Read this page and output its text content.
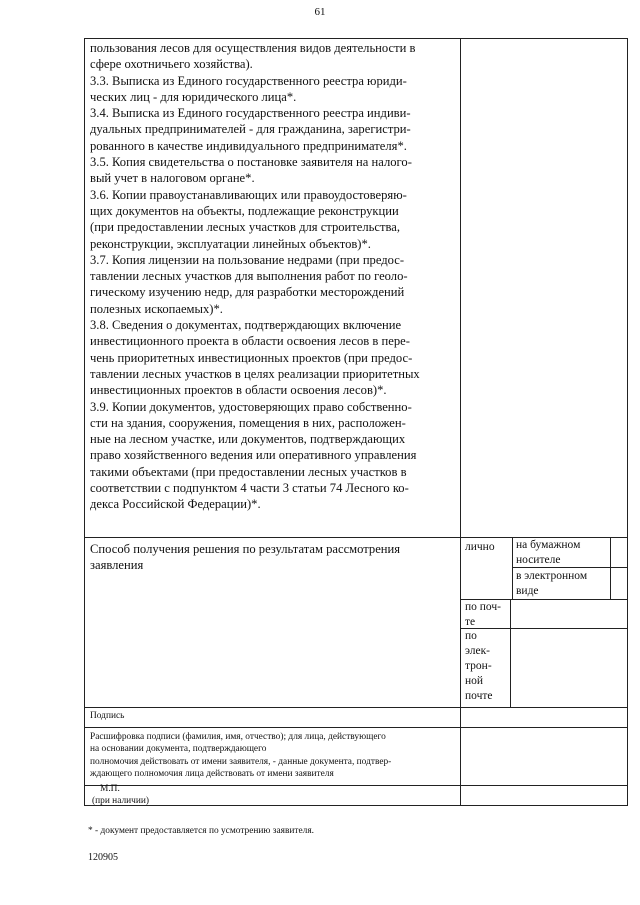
61

пользования лесов для осуществления видов деятельности в

сфере охотничьего хозяйства).

3.3. Выписка из Единого государственного реестра юриди-

ческих лиц - для юридического лица*.

3.4. Выписка из Единого государственного реестра индиви-

дуальных предпринимателей - для гражданина, зарегистри-

рованного в качестве индивидуального предпринимателя*.

3.5. Копия свидетельства о постановке заявителя на налого-

вый учет в налоговом органе*.

3.6. Копии правоустанавливающих или правоудостоверяю-

щих документов на объекты, подлежащие реконструкции

(при предоставлении лесных участков для строительства,

реконструкции, эксплуатации линейных объектов)*.

3.7. Копия лицензии на пользование недрами (при предос-

тавлении лесных участков для выполнения работ по геоло-

гическому изучению недр, для разработки месторождений

полезных ископаемых)*.

3.8. Сведения о документах, подтверждающих включение

инвестиционного проекта в области освоения лесов в пере-

чень приоритетных инвестиционных проектов (при предос-

тавлении лесных участков в целях реализации приоритетных

инвестиционных проектов в области освоения лесов)*.

3.9. Копии документов, удостоверяющих право собственно-

сти на здания, сооружения, помещения в них, расположен-

ные на лесном участке, или документов, подтверждающих

право хозяйственного ведения или оперативного управления

такими объектами (при предоставлении лесных участков в

соответствии с подпунктом 4 части 3 статьи 74 Лесного ко-

декса Российской Федерации)*.

Способ получения решения по результатам рассмотрения заявления
лично на бумажном носителе
в электронном виде
по поч-
те
по
элек-
трон-
ной
почте
Подпись
Расшифровка подписи (фамилия, имя, отчество); для лица, действующего
на основании документа, подтверждающего
полномочия действовать от имени заявителя, - данные документа, подтвер-
ждающего полномочия лица действовать от имени заявителя
М.П.
(при наличии)
* - документ предоставляется по усмотрению заявителя.
120905
